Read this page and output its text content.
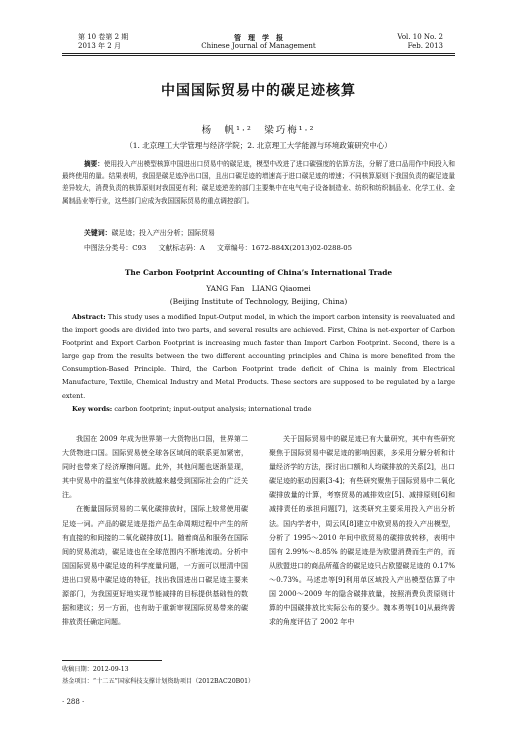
第 10 卷第 2 期
2013 年 2 月
管　理　学　报
Chinese Journal of Management
Vol. 10 No. 2
Feb. 2013
中国国际贸易中的碳足迹核算
杨　帆¹·²　梁巧梅¹·²
（1. 北京理工大学管理与经济学院；2. 北京理工大学能源与环境政策研究中心）
摘要：使用投入产出模型核算中国进出口贸易中的碳足迹，模型中改进了进口碳强度的估算方法，分解了进口品用作中间投入和最终使用的量。结果表明，我国是碳足迹净出口国，且出口碳足迹的增速高于进口碳足迹的增速；不同核算原则下我国负责的碳足迹量差异较大，消费负责的核算原则对我国更有利；碳足迹逆差的部门主要集中在电气电子设备制造业、纺织和纺织制品业、化学工业、金属制品业等行业，这些部门应成为我国国际贸易的重点调控部门。
关键词：碳足迹；投入产出分析；国际贸易
中图法分类号：C93 文献标志码：A 文章编号：1672-884X(2013)02-0288-05
The Carbon Footprint Accounting of China’s International Trade
YANG Fan　LIANG Qiaomei
(Beijing Institute of Technology, Beijing, China)
Abstract: This study uses a modified Input-Output model, in which the import carbon intensity is reevaluated and the import goods are divided into two parts, and several results are achieved. First, China is net-exporter of Carbon Footprint and Export Carbon Footprint is increasing much faster than Import Carbon Footprint. Second, there is a large gap from the results between the two different accounting principles and China is more benefited from the Consumption-Based Principle. Third, the Carbon Footprint trade deficit of China is mainly from Electrical Manufacture, Textile, Chemical Industry and Metal Products. These sectors are supposed to be regulated by a large extent.
Key words: carbon footprint; input-output analysis; international trade

我国在 2009 年成为世界第一大货物出口国，世界第二大货物进口国。国际贸易使全球各区域间的联系更加紧密，同时也带来了经济摩擦问题。此外，其他问题也逐渐显现，其中贸易中的温室气体排放就越来越受到国际社会的广泛关注。

在衡量国际贸易的二氧化碳排放时，国际上较常使用碳足迹一词。产品的碳足迹是指产品生命周期过程中产生的所有直接的和间接的二氧化碳排放[1]。随着商品和服务在国际间的贸易流动，碳足迹也在全球范围内不断地流动。分析中国国际贸易中碳足迹的科学度量问题，一方面可以厘清中国进出口贸易中碳足迹的特征，找出我国进出口碳足迹主要来源部门，为我国更好地实现节能减排的目标提供基础性的数据和建议；另一方面，也有助于重新审视国际贸易带来的碳排放责任确定问题。

关于国际贸易中的碳足迹已有大量研究，其中有些研究聚焦于国际贸易中碳足迹的影响因素，多采用分解分析和计量经济学的方法，探讨出口额和人均碳排放的关系[2]，出口碳足迹的驱动因素[3-4]；有些研究聚焦于国际贸易中二氧化碳排放量的计算，考察贸易的减排效应[5]、减排原则[6]和减排责任的承担问题[7]，这类研究主要采用投入产出分析法。国内学者中，周云风[8]建立中欧贸易的投入产出模型，分析了 1995～2010 年间中欧贸易的碳排放转移，表明中国有 2.99%～8.85% 的碳足迹是为欧盟消费而生产的，而从欧盟进口的商品所蕴含的碳足迹只占欧盟碳足迹的 0.17%～0.73%。马述忠等[9]利用单区域投入产出模型估算了中国 2000～2009 年的隐含碳排放量，按照消费负责原则计算的中国碳排放比实际公布的要少。魏本勇等[10]从最终需求的角度评估了 2002 年中

收稿日期：2012-09-13
基金项目：“十二五”国家科技支撑计划资助项目（2012BAC20B01）
· 288 ·
